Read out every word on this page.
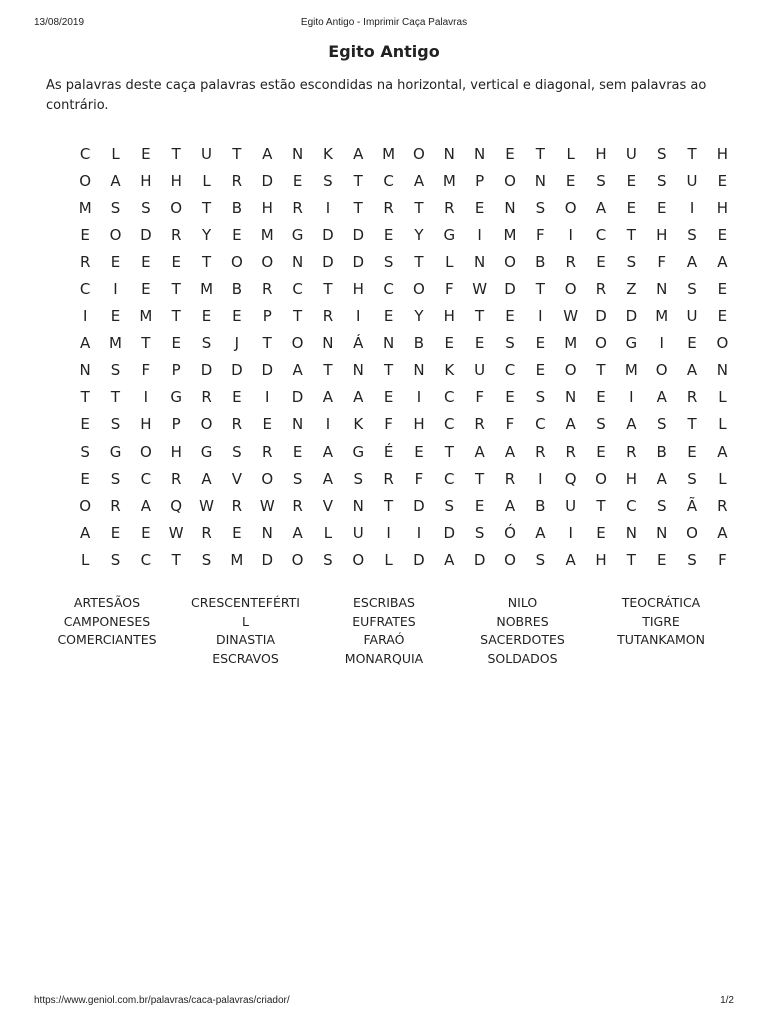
13/08/2019	Egito Antigo - Imprimir Caça Palavras
Egito Antigo
As palavras deste caça palavras estão escondidas na horizontal, vertical e diagonal, sem palavras ao contrário.
C	L	E	T	U	T	A	N	K	A	M	O	N	N	E	T	L	H	U	S	T	H
O	A	H	H	L	R	D	E	S	T	C	A	M	P	O	N	E	S	E	S	U	E
M	S	S	O	T	B	H	R	I	T	R	T	R	E	N	S	O	A	E	E	I	H
E	O	D	R	Y	E	M	G	D	D	E	Y	G	I	M	F	I	C	T	H	S	E
R	E	E	E	T	O	O	N	D	D	S	T	L	N	O	B	R	E	S	F	A	A
C	I	E	T	M	B	R	C	T	H	C	O	F	W	D	T	O	R	Z	N	S	E
I	E	M	T	E	E	P	T	R	I	E	Y	H	T	E	I	W	D	D	M	U	E
A	M	T	E	S	J	T	O	N	Á	N	B	E	E	S	E	M	O	G	I	E	O
N	S	F	P	D	D	D	A	T	N	T	N	K	U	C	E	O	T	M	O	A	N
T	T	I	G	R	E	I	D	A	A	E	I	C	F	E	S	N	E	I	A	R	L
E	S	H	P	O	R	E	N	I	K	F	H	C	R	F	C	A	S	A	S	T	L
S	G	O	H	G	S	R	E	A	G	É	E	T	A	A	R	R	E	R	B	E	A
E	S	C	R	A	V	O	S	A	S	R	F	C	T	R	I	Q	O	H	A	S	L
O	R	A	Q	W	R	W	R	V	N	T	D	S	E	A	B	U	T	C	S	Ã	R
A	E	E	W	R	E	N	A	L	U	I	I	D	S	Ó	A	I	E	N	N	O	A
L	S	C	T	S	M	D	O	S	O	L	D	A	D	O	S	A	H	T	E	S	F
ARTESÃOS
CAMPONESES
COMERCIANTES
CRESCENTEFÉRTI
L
DINASTIA
ESCRAVOS
ESCRIBAS
EUFRATES
FARAÓ
MONARQUIA
NILO
NOBRES
SACERDOTES
SOLDADOS
TEOCRÁTICA
TIGRE
TUTANKAMON
https://www.geniol.com.br/palavras/caca-palavras/criador/	1/2
